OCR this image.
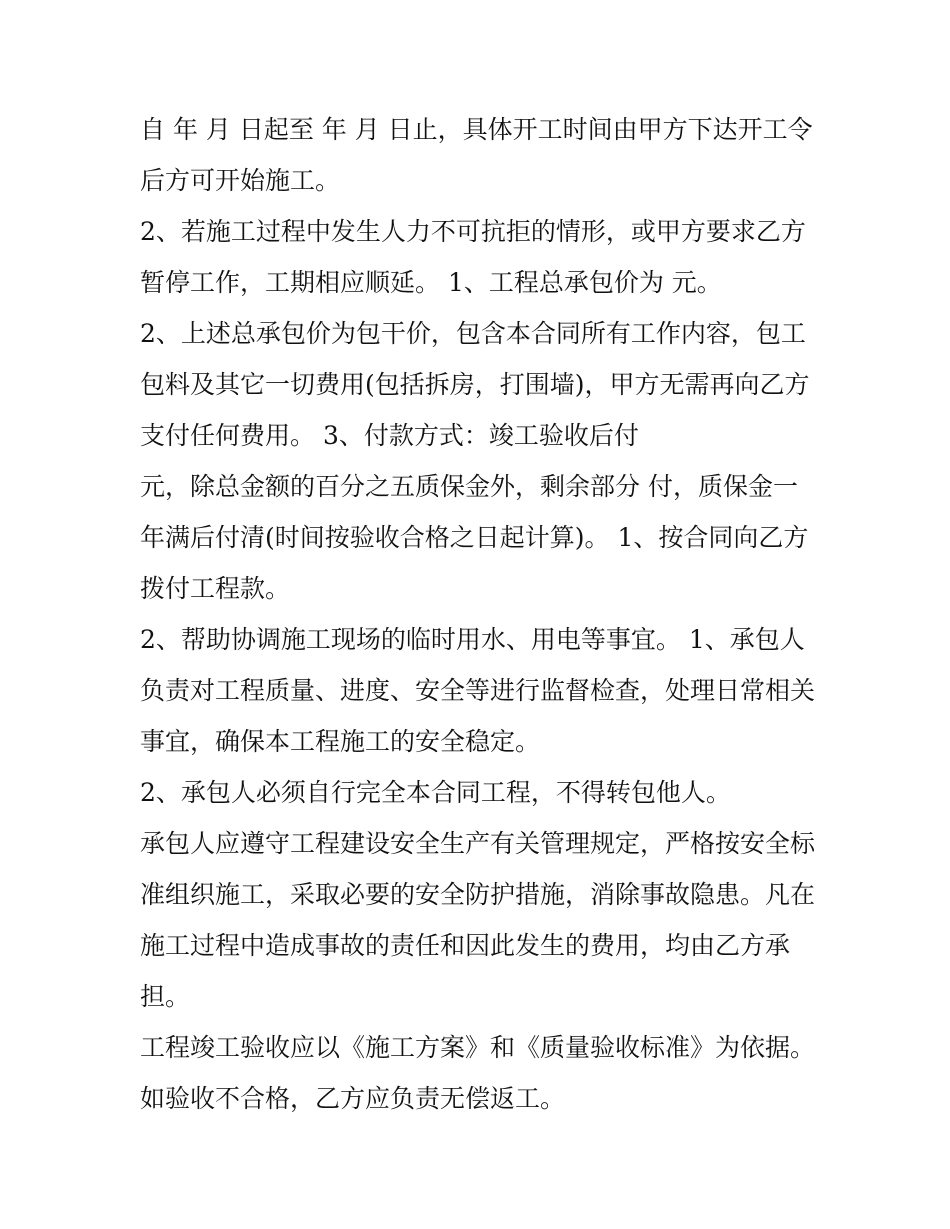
自 年 月 日起至 年 月 日止，具体开工时间由甲方下达开工令
后方可开始施工。
2、若施工过程中发生人力不可抗拒的情形，或甲方要求乙方
暂停工作，工期相应顺延。 1、工程总承包价为 元。
2、上述总承包价为包干价，包含本合同所有工作内容，包工
包料及其它一切费用(包括拆房，打围墙)，甲方无需再向乙方
支付任何费用。 3、付款方式：竣工验收后付
元，除总金额的百分之五质保金外，剩余部分 付，质保金一
年满后付清(时间按验收合格之日起计算)。 1、按合同向乙方
拨付工程款。
2、帮助协调施工现场的临时用水、用电等事宜。 1、承包人
负责对工程质量、进度、安全等进行监督检查，处理日常相关
事宜，确保本工程施工的安全稳定。
2、承包人必须自行完全本合同工程，不得转包他人。
承包人应遵守工程建设安全生产有关管理规定，严格按安全标
准组织施工，采取必要的安全防护措施，消除事故隐患。凡在
施工过程中造成事故的责任和因此发生的费用，均由乙方承
担。
工程竣工验收应以《施工方案》和《质量验收标准》为依据。
如验收不合格，乙方应负责无偿返工。
